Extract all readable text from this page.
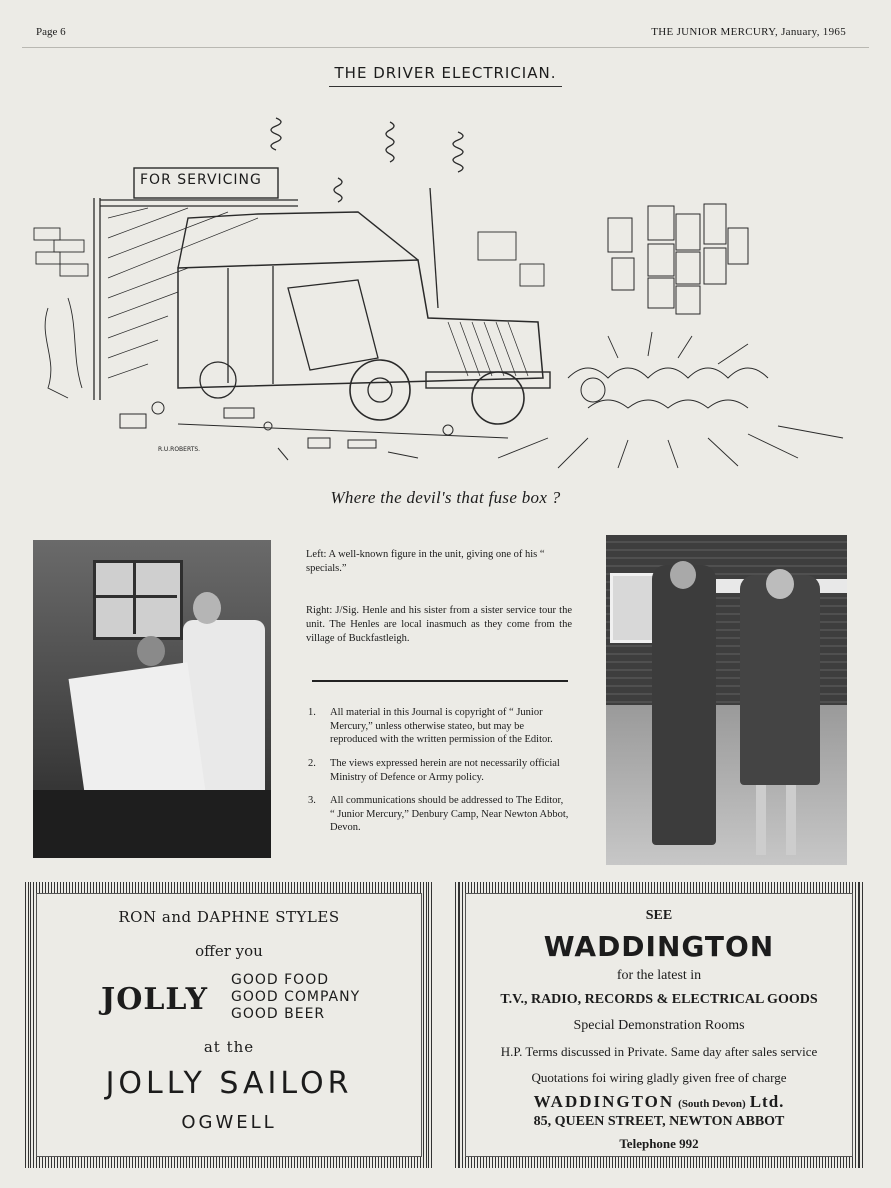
Page 6	THE JUNIOR MERCURY, January, 1965
THE DRIVER ELECTRICIAN.
FOR SERVICING
R.U.ROBERTS.
Where the devil's that fuse box ?
Left: A well-known figure in the unit, giving one of his “ specials.”
Right: J/Sig. Henle and his sister from a sister service tour the unit. The Henles are local inasmuch as they come from the village of Buckfastleigh.
1.	All material in this Journal is copyright of “ Junior Mercury,” unless otherwise stateo, but may be reproduced with the written permission of the Editor.
2.	The views expressed herein are not necessarily official Ministry of Defence or Army policy.
3.	All communications should be addressed to The Editor, “ Junior Mercury,” Denbury Camp, Near Newton Abbot, Devon.
RON and DAPHNE STYLES
offer you
JOLLY
GOOD FOOD
GOOD COMPANY
GOOD BEER
at the
JOLLY SAILOR
OGWELL
SEE
WADDINGTON
for the latest in
T.V., RADIO, RECORDS & ELECTRICAL GOODS
Special Demonstration Rooms
H.P. Terms discussed in Private. Same day after sales service
Quotations foi wiring gladly given free of charge
WADDINGTON (South Devon) Ltd.
85, QUEEN STREET, NEWTON ABBOT
Telephone 992
